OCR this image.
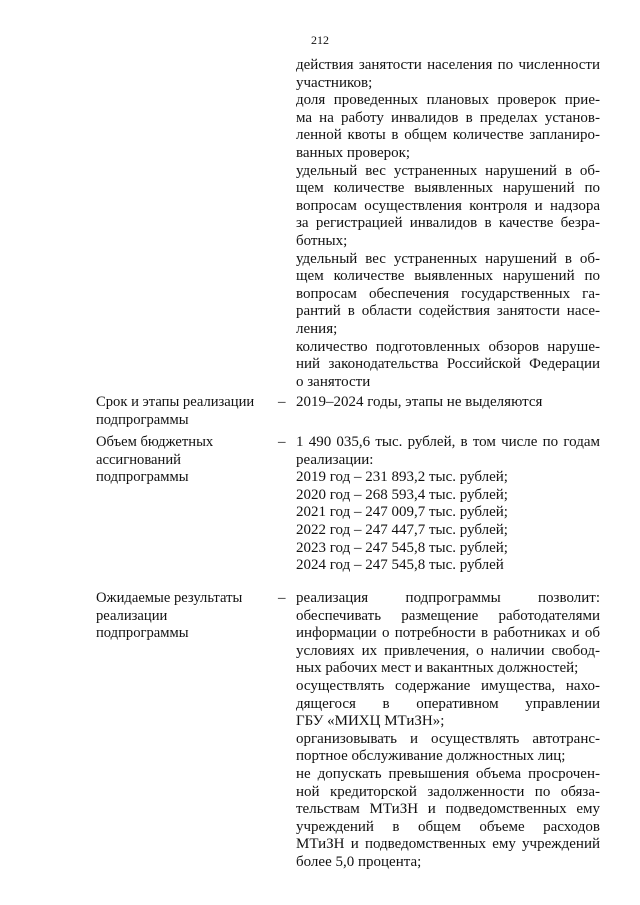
212
действия занятости населения по численности
участников;
доля проведенных плановых проверок прие-
ма на работу инвалидов в пределах установ-
ленной квоты в общем количестве запланиро-
ванных проверок;
удельный вес устраненных нарушений в об-
щем количестве выявленных нарушений по
вопросам осуществления контроля и надзора
за регистрацией инвалидов в качестве безра-
ботных;
удельный вес устраненных нарушений в об-
щем количестве выявленных нарушений по
вопросам обеспечения государственных га-
рантий в области содействия занятости насе-
ления;
количество подготовленных обзоров наруше-
ний законодательства Российской Федерации
о занятости
Срок и этапы реализации
подпрограммы
– 2019–2024 годы, этапы не выделяются
Объем бюджетных
ассигнований
подпрограммы
– 1 490 035,6 тыс. рублей, в том числе по годам
реализации:
2019 год – 231 893,2 тыс. рублей;
2020 год – 268 593,4 тыс. рублей;
2021 год – 247 009,7 тыс. рублей;
2022 год – 247 447,7 тыс. рублей;
2023 год – 247 545,8 тыс. рублей;
2024 год – 247 545,8 тыс. рублей
Ожидаемые результаты
реализации
подпрограммы
– реализация подпрограммы позволит:
обеспечивать размещение работодателями
информации о потребности в работниках и об
условиях их привлечения, о наличии свобод-
ных рабочих мест и вакантных должностей;
осуществлять содержание имущества, нахо-
дящегося в оперативном управлении
ГБУ «МИХЦ МТиЗН»;
организовывать и осуществлять автотранс-
портное обслуживание должностных лиц;
не допускать превышения объема просрочен-
ной кредиторской задолженности по обяза-
тельствам МТиЗН и подведомственных ему
учреждений в общем объеме расходов
МТиЗН и подведомственных ему учреждений
более 5,0 процента;
